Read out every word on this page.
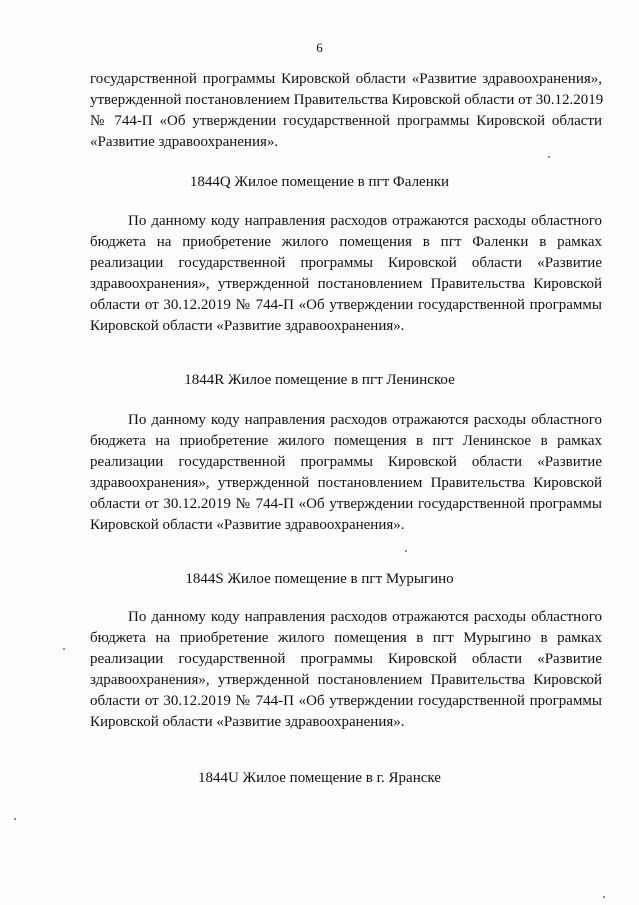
6
государственной программы Кировской области «Развитие здравоохранения»,
утвержденной постановлением Правительства Кировской области от 30.12.2019
№ 744-П «Об утверждении государственной программы Кировской области
«Развитие здравоохранения».
1844Q Жилое помещение в пгт Фаленки
По данному коду направления расходов отражаются расходы областного
бюджета на приобретение жилого помещения в пгт Фаленки в рамках
реализации государственной программы Кировской области «Развитие
здравоохранения», утвержденной постановлением Правительства Кировской
области от 30.12.2019 № 744-П «Об утверждении государственной программы
Кировской области «Развитие здравоохранения».
1844R Жилое помещение в пгт Ленинское
По данному коду направления расходов отражаются расходы областного
бюджета на приобретение жилого помещения в пгт Ленинское в рамках
реализации государственной программы Кировской области «Развитие
здравоохранения», утвержденной постановлением Правительства Кировской
области от 30.12.2019 № 744-П «Об утверждении государственной программы
Кировской области «Развитие здравоохранения».
1844S Жилое помещение в пгт Мурыгино
По данному коду направления расходов отражаются расходы областного
бюджета на приобретение жилого помещения в пгт Мурыгино в рамках
реализации государственной программы Кировской области «Развитие
здравоохранения», утвержденной постановлением Правительства Кировской
области от 30.12.2019 № 744-П «Об утверждении государственной программы
Кировской области «Развитие здравоохранения».
1844U Жилое помещение в г. Яранске
